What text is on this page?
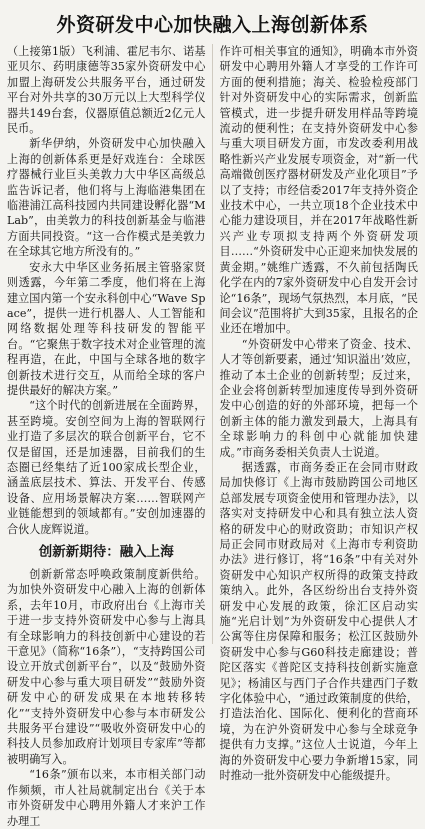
外资研发中心加快融入上海创新体系

（上接第1版）飞利浦、霍尼韦尔、诺基亚贝尔、药明康德等35家外资研发中心加盟上海研发公共服务平台，通过研发平台对外共享的30万元以上大型科学仪器共149台套，仪器原值总额近2亿元人民币。

新华伊纳，外资研发中心加快融入上海的创新体系更是好戏连台：全球医疗器械行业巨头美敦力大中华区高级总监告诉记者，他们将与上海临港集团在临港浦江高科技园内共同建设孵化器“MLab”，由美敦力的科技创新基金与临港方面共同投资。“这一合作模式是美敦力在全球其它地方所没有的。”

安永大中华区业务拓展主管骆家贤则透露，今年第二季度，他们将在上海建立国内第一个安永科创中心“Wave Space”，提供一进行机器人、人工智能和网络数据处理等科技研发的智能平台。“它聚焦于数字技术对企业管理的流程再造，在此，中国与全球各地的数字创新技术进行交互，从而给全球的客户提供最好的解决方案。”

“这个时代的创新进展在全面跨界，甚至跨境。安创空间为上海的智联网行业打造了多层次的联合创新平台，它不仅是留国，还是加速器，目前我们的生态圈已经集结了近100家成长型企业，涵盖底层技术、算法、开发平台、传感设备、应用场景解决方案……智联网产业链能想到的领域都有。”安创加速器的合伙人庞辉说道。

创新新期待：融入上海

创新新常态呼唤政策制度新供给。为加快外资研发中心融入上海的创新体系，去年10月，市政府出台《上海市关于进一步支持外资研发中心参与上海具有全球影响力的科技创新中心建设的若干意见》（简称“16条”），“支持跨国公司设立开放式创新平台”，以及“鼓励外资研发中心参与重大项目研发”“鼓励外资研发中心的研发成果在本地转移转化”“支持外资研发中心参与本市研发公共服务平台建设”“吸收外资研发中心的科技人员参加政府计划项目专家库”等都被明确写入。

“16条”颁布以来，本市相关部门动作频频，市人社局就制定出台《关于本市外资研发中心聘用外籍人才来沪工作办理工

作许可相关事宜的通知》，明确本市外资研发中心聘用外籍人才享受的工作许可方面的便利措施；海关、检验检疫部门针对外资研发中心的实际需求，创新监管模式，进一步提升研发用样品等跨境流动的便利性；在支持外资研发中心参与重大项目研发方面，市发改委利用战略性新兴产业发展专项资金，对“新一代高端微创医疗器材研发及产业化项目”予以了支持；市经信委2017年支持外资企业技术中心，一共立项18个企业技术中心能力建设项目，并在2017年战略性新兴产业专项拟支持两个外资研发项目……“外资研发中心正迎来加快发展的黄金期。”姚维广透露，不久前包括陶氏化学在内的7家外资研发中心自发开会讨论“16条”，现场气氛热烈，本月底，“民间会议”范围将扩大到35家，且报名的企业还在增加中。

“外资研发中心带来了资金、技术、人才等创新要素，通过‘知识溢出’效应，推动了本土企业的创新转型；反过来，企业会将创新转型加速度传导到外资研发中心创造的好的外部环境，把每一个创新主体的能力激发到最大，上海具有全球影响力的科创中心就能加快建成。”市商务委相关负责人士说道。

据透露，市商务委正在会同市财政局加快修订《上海市鼓励跨国公司地区总部发展专项资金使用和管理办法》，以落实对支持研发中心和具有独立法人资格的研发中心的财政资助；市知识产权局正会同市财政局对《上海市专利资助办法》进行修订，将“16条”中有关对外资研发中心知识产权所得的政策支持政策纳入。此外，各区纷纷出台支持外资研发中心发展的政策，徐汇区启动实施“光启计划”为外资研发中心提供人才公寓等住房保障和服务；松江区鼓励外资研发中心参与G60科技走廊建设；普陀区落实《普陀区支持科技创新实施意见》；杨浦区与西门子合作共建西门子数字化体验中心，“通过政策制度的供给，打造法治化、国际化、便利化的营商环境，为在沪外资研发中心参与全球竞争提供有力支撑。”这位人士说道，今年上海的外资研发中心要力争新增15家，同时推动一批外资研发中心能级提升。
